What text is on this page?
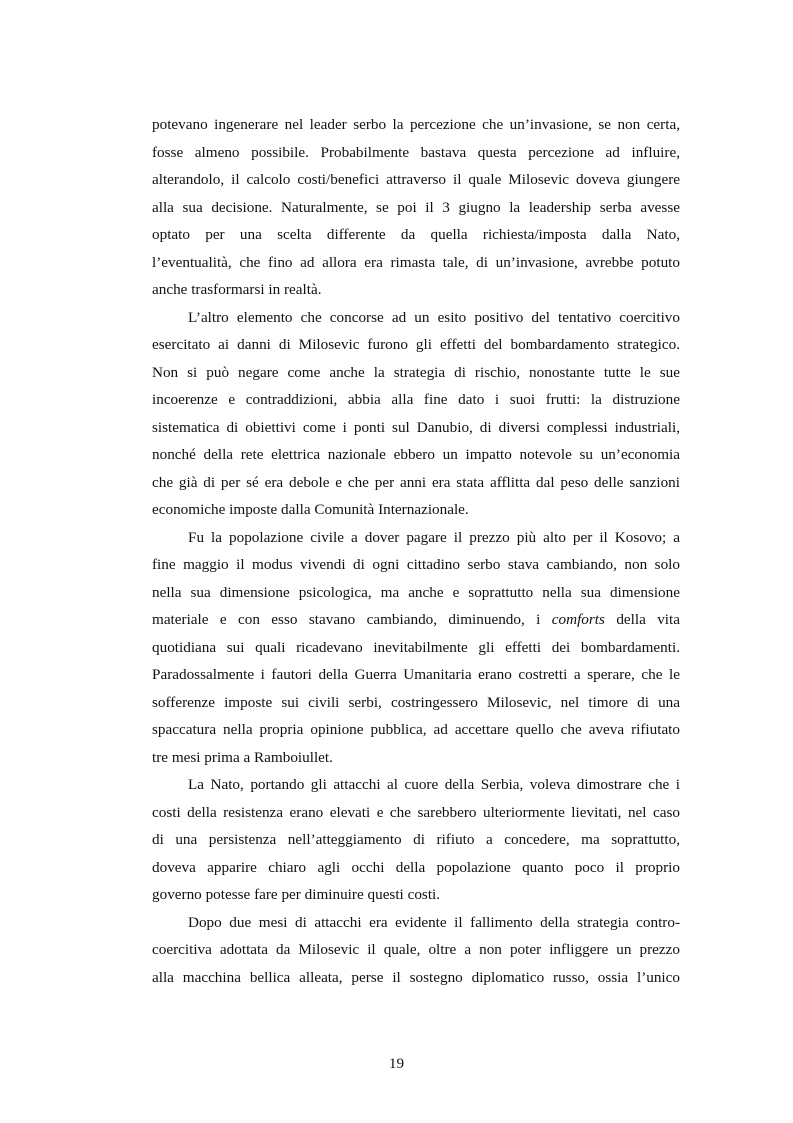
potevano ingenerare nel leader serbo la percezione che un’invasione, se non certa,
fosse almeno possibile. Probabilmente bastava questa percezione ad influire,
alterandolo, il calcolo costi/benefici attraverso il quale Milosevic doveva giungere
alla sua decisione. Naturalmente, se poi il 3 giugno la leadership serba avesse
optato per una scelta differente da quella richiesta/imposta dalla Nato,
l’eventualità, che fino ad allora era rimasta tale, di un’invasione, avrebbe potuto
anche trasformarsi in realtà.

L’altro elemento che concorse ad un esito positivo del tentativo coercitivo
esercitato ai danni di Milosevic furono gli effetti del bombardamento strategico.
Non si può negare come anche la strategia di rischio, nonostante tutte le sue
incoerenze e contraddizioni, abbia alla fine dato i suoi frutti: la distruzione
sistematica di obiettivi come i ponti sul Danubio, di diversi complessi industriali,
nonché della rete elettrica nazionale ebbero un impatto notevole su un’economia
che già di per sé era debole e che per anni era stata afflitta dal peso delle sanzioni
economiche imposte dalla Comunità Internazionale.

Fu la popolazione civile a dover pagare il prezzo più alto per il Kosovo; a
fine maggio il modus vivendi di ogni cittadino serbo stava cambiando, non solo
nella sua dimensione psicologica, ma anche e soprattutto nella sua dimensione
materiale e con esso stavano cambiando, diminuendo, i comforts della vita
quotidiana sui quali ricadevano inevitabilmente gli effetti dei bombardamenti.
Paradossalmente i fautori della Guerra Umanitaria erano costretti a sperare, che le
sofferenze imposte sui civili serbi, costringessero Milosevic, nel timore di una
spaccatura nella propria opinione pubblica, ad accettare quello che aveva rifiutato
tre mesi prima a Ramboiullet.

La Nato, portando gli attacchi al cuore della Serbia, voleva dimostrare che i
costi della resistenza erano elevati e che sarebbero ulteriormente lievitati, nel caso
di una persistenza nell’atteggiamento di rifiuto a concedere, ma soprattutto,
doveva apparire chiaro agli occhi della popolazione quanto poco il proprio
governo potesse fare per diminuire questi costi.

Dopo due mesi di attacchi era evidente il fallimento della strategia contro-
coercitiva adottata da Milosevic il quale, oltre a non poter infliggere un prezzo
alla macchina bellica alleata, perse il sostegno diplomatico russo, ossia l’unico

19
